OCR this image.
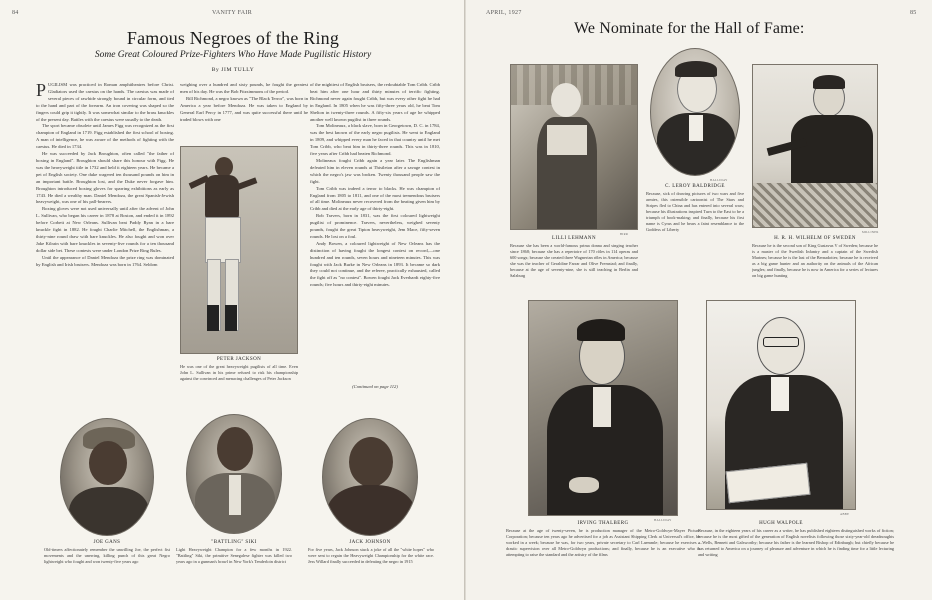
84	VANITY FAIR
Famous Negroes of the Ring
Some Great Coloured Prize-Fighters Who Have Made Pugilistic History
By JIM TULLY

PUGILISM was practiced in Roman amphitheatres before Christ. Gladiators used the caestus on the hands. The caestus was made of several pieces of rawhide strongly bound in circular form, and tied to the hand and part of the forearm. An iron covering was shaped so the fingers could grip it tightly. It was somewhat similar to the brass knuckles of the present day. Battles with the caestus were usually to the death.

The sport became obsolete until James Figg was recognized as the first champion of England in 1719. Figg established the first school of boxing. A man of intelligence, he was aware of the methods of fighting with the caestus. He died in 1734.

He was succeeded by Jack Broughton, often called "the father of boxing in England". Broughton should share this honour with Figg. He was the heavyweight title in 1732 and held it eighteen years. He became a pet of English society. One duke wagered ten thousand pounds on him in an important battle. Broughton lost, and the Duke never forgave him. Broughton introduced boxing gloves for sparring exhibitions as early as 1743. He died a wealthy man. Daniel Mendoza, the great Spanish-Jewish heavyweight, was one of his pall-bearers.

Boxing gloves were not used universally until after the advent of John L. Sullivan, who began his career in 1878 at Boston, and ended it in 1892 before Corbett at New Orleans. Sullivan beat Paddy Ryan in a bare knuckle fight in 1882. He fought Charlie Mitchell, the Englishman, a thirty-nine round draw with bare knuckles. He also fought and won over Jake Kilrain with bare knuckles in seventy-five rounds for a ten thousand dollar side bet. These contests were under London Prize Ring Rules.

Until the appearance of Daniel Mendoza the prize ring was dominated by English and Irish bruisers. Mendoza was born in 1764. Seldom

weighing over a hundred and sixty pounds, he fought the greatest men of his day. He was the Bob Fitzsimmons of the period.

Bill Richmond, a negro known as "The Black Terror", was born in America a year before Mendoza. He was taken to England by General Earl Percy in 1777, and was quite successful there until he traded blows with one

PETER JACKSON
He was one of the great heavyweight pugilists of all time. Even John L. Sullivan in his prime refused to risk his championship against the convinced and menacing challenges of Peter Jackson

of the mightiest of English bruisers, the redoubtable Tom Cribb. Cribb beat him after one hour and thirty minutes of terrific fighting. Richmond never again fought Cribb, but was every other fight he had in England. In 1805 when he was fifty-three years old, he beat Tom Shelton in twenty-three rounds. A fifty-six years of age he whipped another well known pugilist in three rounds.

Tom Molineaux, a black slave, born in Georgetown, D. C. in 1784, was the best known of the early negro pugilists. He went to England in 1809, and whipped every man he faced in that country until he met Tom Cribb, who beat him in thirty-three rounds. This was in 1810, five years after Cribb had beaten Richmond.

Molineaux fought Cribb again a year later. The Englishman defeated him in eleven rounds at Thistleton after a savage contest in which the negro's jaw was broken. Twenty thousand people saw the fight.

Tom Cribb was indeed a terror to blacks. He was champion of England from 1805 to 1811, and one of the most tremendous bruisers of all time. Molineaux never recovered from the beating given him by Cribb and died at the early age of thirty-eight.

Bob Travers, born in 1831, was the first coloured lightweight pugilist of prominence. Travers, nevertheless, weighed seventy pounds, fought the great Tipton heavyweight, Jem Mace, fifty-seven rounds. He lost on a foul.

Andy Bowen, a coloured lightweight of New Orleans has the distinction of having fought the longest contest on record,—one hundred and ten rounds, seven hours and nineteen minutes. This was fought with Jack Burke in New Orleans in 1893. It became so dark they could not continue, and the referee, practically exhausted, called the fight off as "no contest". Bowen fought Jack Everhardt eighty-five rounds; five hours and thirty-eight minutes.

(Continued on page 112)
JOE GANS
Old-timers affectionately remember the unwilling Joe, the perfect fist movements and the unerring, killing punch of this great Negro lightweight who fought and won twenty-five years ago
"BATTLING" SIKI
Light Heavyweight Champion for a few months in 1922. "Battling" Siki, the primitive Senegalese fighter was killed two years ago in a gunman's brawl in New York's Tenderloin district
JACK JOHNSON
For five years, Jack Johnson stuck a joke of all the "white hopes" who were sent to regain the Heavyweight Championship for the white race. Jess Willard finally succeeded in defeating the negro in 1915
APRIL, 1927	85
We Nominate for the Hall of Fame:
BIRR
LILLI LEHMANN
Because she has been a world-famous prima donna and singing teacher since 1868; because she has a repertoire of 170 rôles in 114 operas and 600 songs; because she created three Wagnerian rôles in America; because she was the teacher of Geraldine Farrar and Olive Fremstad; and finally, because at the age of seventy-nine, she is still teaching in Berlin and Salzburg
HALLIDAY
C. LEROY BALDRIDGE
Because, sick of drawing pictures of two wars and five armies, this ostensible cartoonist of The Stars and Stripes fled to China and has entered into several wars; because his illustrations inspired Turn to the East to be a triumph of book-making; and finally, because his first name is Cyrus and he bears a faint resemblance to the Goddess of Liberty	MILLINER
H. R. H. WILHELM OF SWEDEN
Because he is the second son of King Gustavus V of Sweden; because he is a master of the Swedish Infantry and a captain of the Swedish Marines; because he is the last of the Bernadottes; because he is received as a big game hunter and an authority on the animals of the African jungles; and finally, because he is now in America for a series of lectures on big game hunting
HALLIDAY
IRVING THALBERG
Because at the age of twenty-seven, he is production manager of the Metro-Goldwyn-Mayer Picture Corporation; because ten years ago he advertised for a job as Assistant Shipping Clerk at Universal's office, he worked in a week; because he was, for two years, private secretary to Carl Laemmle; because he exercises a drastic supervision over all Metro-Goldwyn productions; and finally, because he is an executive who is attempting to raise the standard and the artistry of the films
ABBE
HUGH WALPOLE
Because, in the eighteen years of his career as a writer, he has published eighteen distinguished works of fiction; because he is the most gifted of the generation of English novelists following those sixty-year-old dreadnoughts—Wells, Bennett and Galsworthy; because his father is the learned Bishop of Edinburgh; but chiefly because he has returned to America on a journey of pleasure and adventure in which he is finding time for a little lecturing and writing
